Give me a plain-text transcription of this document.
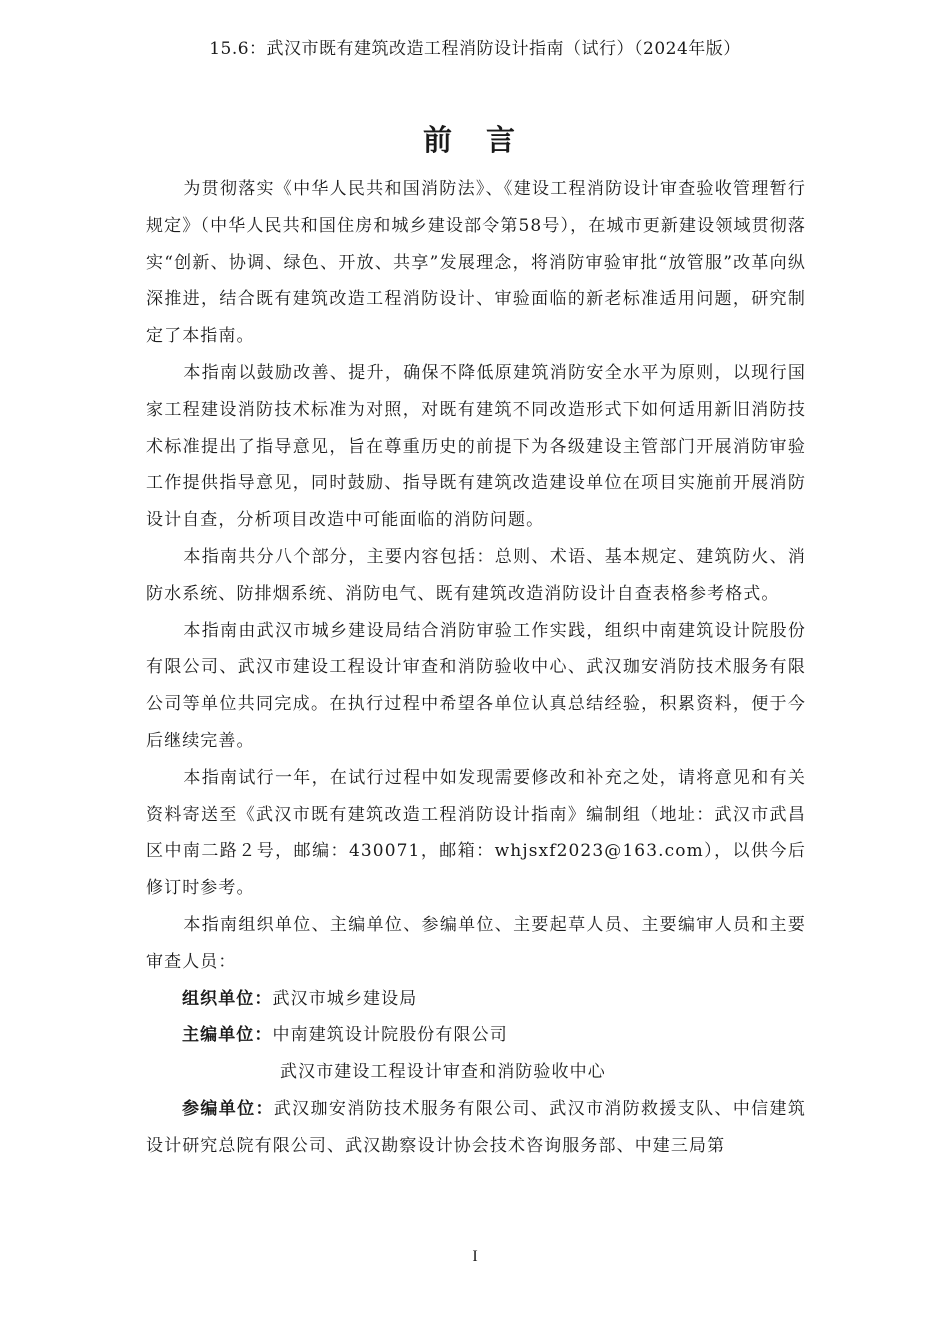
15.6：武汉市既有建筑改造工程消防设计指南（试行）（2024年版）
前 言

为贯彻落实《中华人民共和国消防法》、《建设工程消防设计审查验收管理暂行规定》（中华人民共和国住房和城乡建设部令第58号），在城市更新建设领域贯彻落实“创新、协调、绿色、开放、共享”发展理念，将消防审验审批“放管服”改革向纵深推进，结合既有建筑改造工程消防设计、审验面临的新老标准适用问题，研究制定了本指南。

本指南以鼓励改善、提升，确保不降低原建筑消防安全水平为原则，以现行国家工程建设消防技术标准为对照，对既有建筑不同改造形式下如何适用新旧消防技术标准提出了指导意见，旨在尊重历史的前提下为各级建设主管部门开展消防审验工作提供指导意见，同时鼓励、指导既有建筑改造建设单位在项目实施前开展消防设计自查，分析项目改造中可能面临的消防问题。

本指南共分八个部分，主要内容包括：总则、术语、基本规定、建筑防火、消防水系统、防排烟系统、消防电气、既有建筑改造消防设计自查表格参考格式。

本指南由武汉市城乡建设局结合消防审验工作实践，组织中南建筑设计院股份有限公司、武汉市建设工程设计审查和消防验收中心、武汉珈安消防技术服务有限公司等单位共同完成。在执行过程中希望各单位认真总结经验，积累资料，便于今后继续完善。

本指南试行一年，在试行过程中如发现需要修改和补充之处，请将意见和有关资料寄送至《武汉市既有建筑改造工程消防设计指南》编制组（地址：武汉市武昌区中南二路２号，邮编：430071，邮箱：whjsxf2023@163.com），以供今后修订时参考。

本指南组织单位、主编单位、参编单位、主要起草人员、主要编审人员和主要审查人员：

组织单位：武汉市城乡建设局
主编单位：中南建筑设计院股份有限公司
武汉市建设工程设计审查和消防验收中心
参编单位：武汉珈安消防技术服务有限公司、武汉市消防救援支队、中信建筑设计研究总院有限公司、武汉勘察设计协会技术咨询服务部、中建三局第
I
